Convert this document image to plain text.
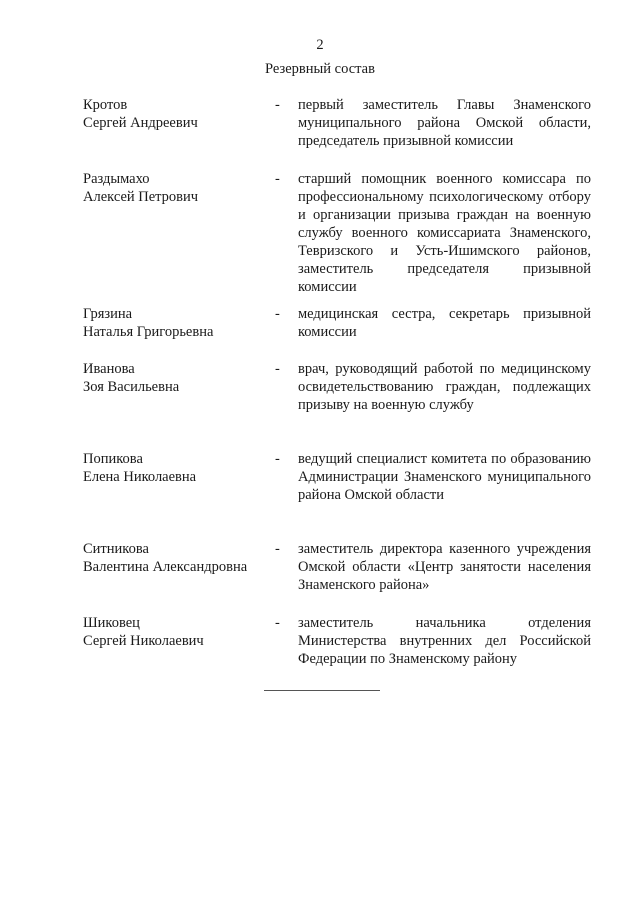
2
Резервный состав
Кротов
Сергей Андреевич
- первый заместитель Главы Знаменского муниципального района Омской области, председатель призывной комиссии
Раздымахо
Алексей Петрович
- старший помощник военного комиссара по профессиональному психологическому отбору и организации призыва граждан на военную службу военного комиссариата Знаменского, Тевризского и Усть-Ишимского районов, заместитель председателя призывной комиссии
Грязина
Наталья Григорьевна
- медицинская сестра, секретарь призывной комиссии
Иванова
Зоя Васильевна
- врач, руководящий работой по медицинскому освидетельствованию граждан, подлежащих призыву на военную службу
Попикова
Елена Николаевна
- ведущий специалист комитета по образованию Администрации Знаменского муниципального района Омской области
Ситникова
Валентина Александровна
- заместитель директора казенного учреждения Омской области «Центр занятости населения Знаменского района»
Шиковец
Сергей Николаевич
- заместитель начальника отделения Министерства внутренних дел Российской Федерации по Знаменскому району
